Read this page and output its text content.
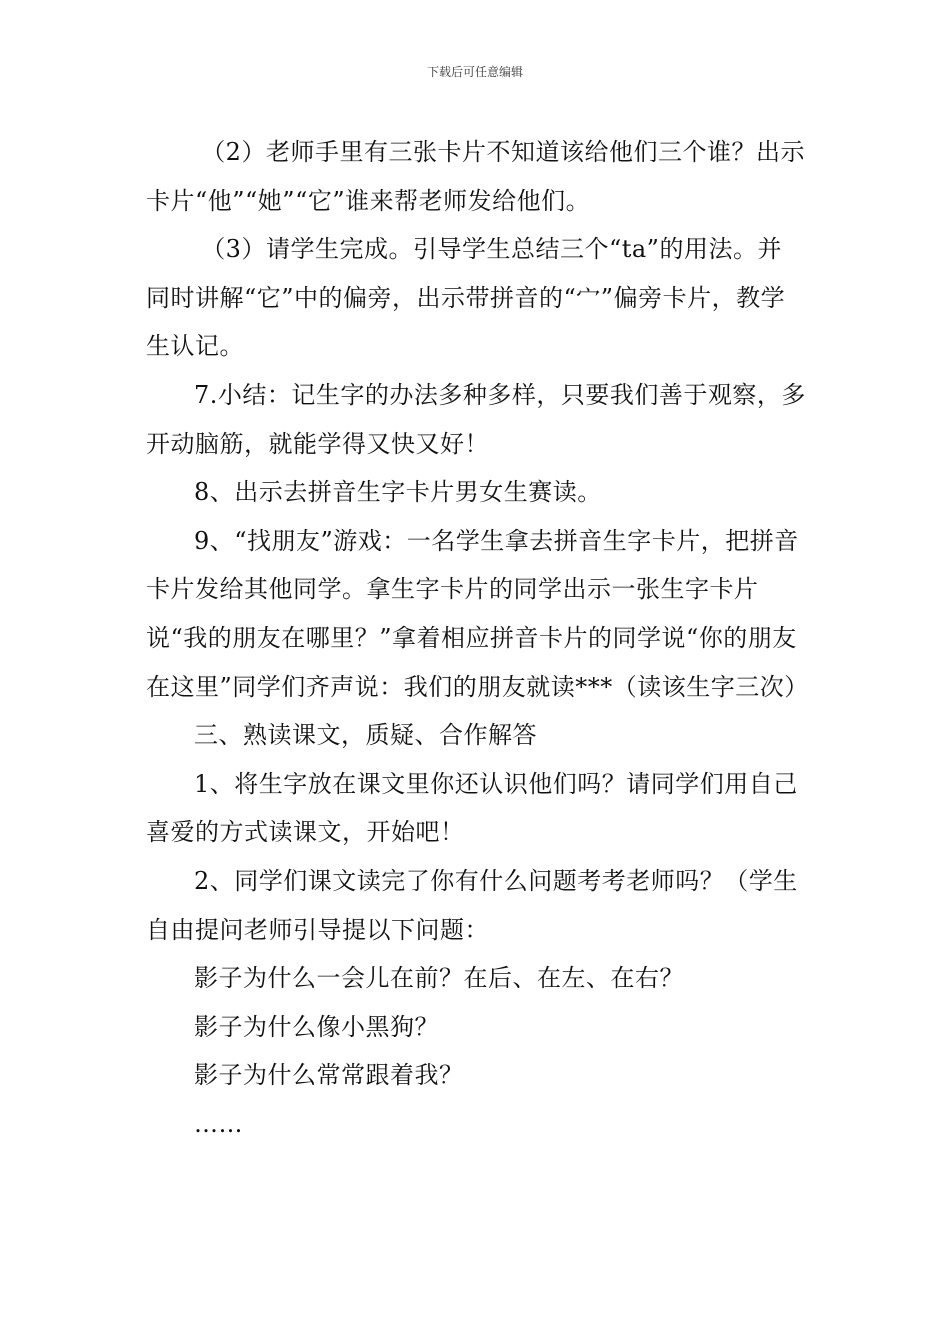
下载后可任意编辑

（2）老师手里有三张卡片不知道该给他们三个谁？出示卡片“他”“她”“它”谁来帮老师发给他们。

（3）请学生完成。引导学生总结三个“ta”的用法。并同时讲解“它”中的偏旁，出示带拼音的“宀”偏旁卡片，教学生认记。

7.小结：记生字的办法多种多样，只要我们善于观察，多开动脑筋，就能学得又快又好！

8、出示去拼音生字卡片男女生赛读。

9、“找朋友”游戏：一名学生拿去拼音生字卡片，把拼音卡片发给其他同学。拿生字卡片的同学出示一张生字卡片说“我的朋友在哪里？”拿着相应拼音卡片的同学说“你的朋友在这里”同学们齐声说：我们的朋友就读***（读该生字三次）

三、熟读课文，质疑、合作解答

1、将生字放在课文里你还认识他们吗？请同学们用自己喜爱的方式读课文，开始吧！

2、同学们课文读完了你有什么问题考考老师吗？（学生自由提问老师引导提以下问题：

影子为什么一会儿在前？在后、在左、在右？

影子为什么像小黑狗？

影子为什么常常跟着我？

……
